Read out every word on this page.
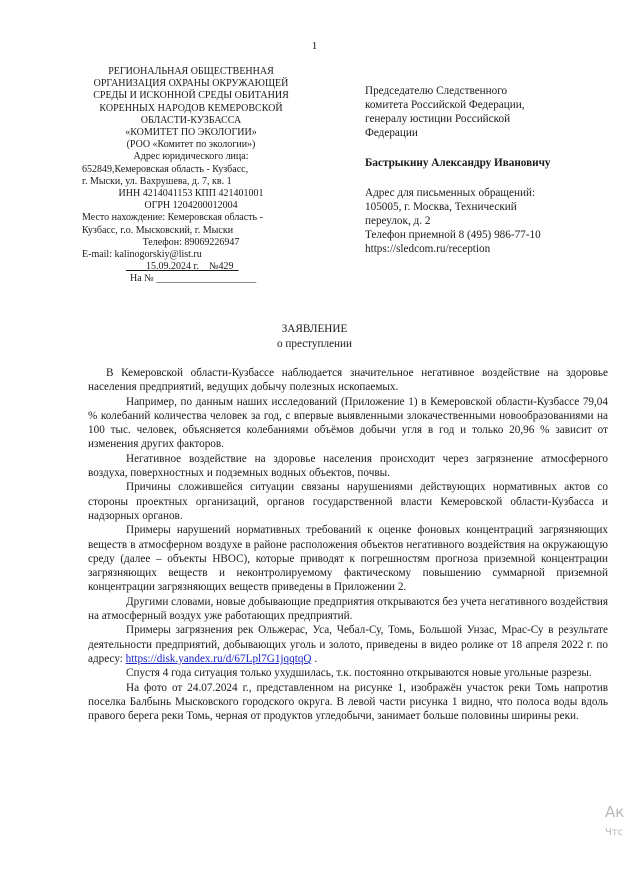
1
РЕГИОНАЛЬНАЯ ОБЩЕСТВЕННАЯ
ОРГАНИЗАЦИЯ ОХРАНЫ ОКРУЖАЮЩЕЙ
СРЕДЫ И ИСКОННОЙ СРЕДЫ ОБИТАНИЯ
КОРЕННЫХ НАРОДОВ КЕМЕРОВСКОЙ
ОБЛАСТИ-КУЗБАССА
«КОМИТЕТ ПО ЭКОЛОГИИ»
(РОО «Комитет по экологии»)
Адрес юридического лица:
652849,Кемеровская область - Кузбасс,
г. Мыски, ул. Вахрушева, д. 7, кв. 1
ИНН 4214041153 КПП 421401001
ОГРН 1204200012004
Место нахождение: Кемеровская область -
Кузбасс, г.о. Мысковский, г. Мыски
Телефон: 89069226947
E-mail: kalinogorskiy@list.ru
____15.09.2024 г.__№429_
На № ____________________
Председателю Следственного
комитета Российской Федерации,
генералу юстиции Российской
Федерации
Бастрыкину Александру Ивановичу
Адрес для письменных обращений:
105005, г. Москва, Технический
переулок, д. 2
Телефон приемной 8 (495) 986-77-10
https://sledcom.ru/reception
ЗАЯВЛЕНИЕ
о преступлении

В Кемеровской области-Кузбассе наблюдается значительное негативное воздействие на здоровье населения предприятий, ведущих добычу полезных ископаемых.

Например, по данным наших исследований (Приложение 1) в Кемеровской области-Кузбассе 79,04 % колебаний количества человек за год, с впервые выявленными злокачественными новообразованиями на 100 тыс. человек, объясняется колебаниями объёмов добычи угля в год и только 20,96 % зависит от изменения других факторов.

Негативное воздействие на здоровье населения происходит через загрязнение атмосферного воздуха, поверхностных и подземных водных объектов, почвы.

Причины сложившейся ситуации связаны нарушениями действующих нормативных актов со стороны проектных организаций, органов государственной власти Кемеровской области-Кузбасса и надзорных органов.

Примеры нарушений нормативных требований к оценке фоновых концентраций загрязняющих веществ в атмосферном воздухе в районе расположения объектов негативного воздействия на окружающую среду (далее – объекты НВОС), которые приводят к погрешностям прогноза приземной концентрации загрязняющих веществ и неконтролируемому фактическому повышению суммарной приземной концентрации загрязняющих веществ приведены в Приложении 2.

Другими словами, новые добывающие предприятия открываются без учета негативного воздействия на атмосферный воздух уже работающих предприятий.

Примеры загрязнения рек Ольжерас, Уса, Чебал-Су, Томь, Большой Унзас, Мрас-Су в результате деятельности предприятий, добывающих уголь и золото, приведены в видео ролике от 18 апреля 2022 г. по адресу: https://disk.yandex.ru/d/67Lpl7G1jqqtqQ .

Спустя 4 года ситуация только ухудшилась, т.к. постоянно открываются новые угольные разрезы.

На фото от 24.07.2024 г., представленном на рисунке 1, изображён участок реки Томь напротив поселка Балбынь Мысковского городского округа. В левой части рисунка 1 видно, что полоса воды вдоль правого берега реки Томь, черная от продуктов угледобычи, занимает больше половины ширины реки.

Ак
Чтс
